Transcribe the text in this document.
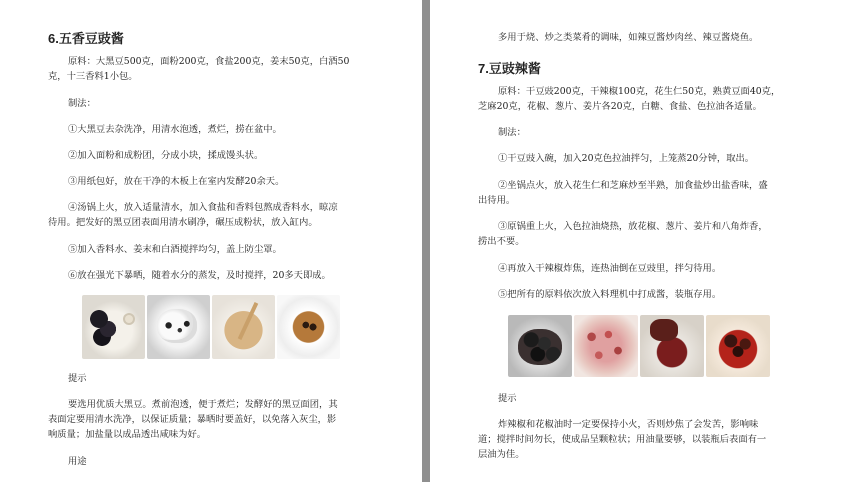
6.五香豆豉酱
原料：大黑豆500克，面粉200克，食盐200克，姜末50克，白酒50
克，十三香料1小包。
制法：
①大黑豆去杂洗净，用清水泡透，煮烂，捞在盆中。
②加入面粉和成粉团，分成小块，揉成馒头状。
③用纸包好，放在干净的木板上在室内发酵20余天。
④汤锅上火，放入适量清水，加入食盐和香料包熬成香料水，晾凉
待用。把发好的黑豆团表面用清水刷净，碾压成粉状，放入缸内。
⑤加入香料水、姜末和白酒搅拌均匀，盖上防尘罩。
⑥放在强光下暴晒，随着水分的蒸发，及时搅拌，20多天即成。
提示
要选用优质大黑豆。煮前泡透，便于煮烂；发酵好的黑豆面团，其
表面定要用清水洗净，以保证质量；暴晒时要盖好，以免落入灰尘，影
响质量；加盐量以成品透出咸味为好。
用途
多用于烧、炒之类菜肴的调味，如辣豆酱炒肉丝、辣豆酱烧鱼。
7.豆豉辣酱
原料：干豆豉200克，干辣椒100克，花生仁50克，熟黄豆面40克，
芝麻20克，花椒、葱片、姜片各20克，白糖、食盐、色拉油各适量。
制法：
①干豆豉入碗，加入20克色拉油拌匀，上笼蒸20分钟，取出。
②坐锅点火，放入花生仁和芝麻炒至半熟，加食盐炒出盐香味，盛
出待用。
③原锅重上火，入色拉油烧热，放花椒、葱片、姜片和八角炸香，
捞出不要。
④再放入干辣椒炸焦，连热油倒在豆豉里，拌匀待用。
⑤把所有的原料依次放入料理机中打成酱，装瓶存用。
提示
炸辣椒和花椒油时一定要保持小火，否则炒焦了会发苦，影响味
道；搅拌时间勿长，使成品呈颗粒状；用油量要够，以装瓶后表面有一
层油为佳。
